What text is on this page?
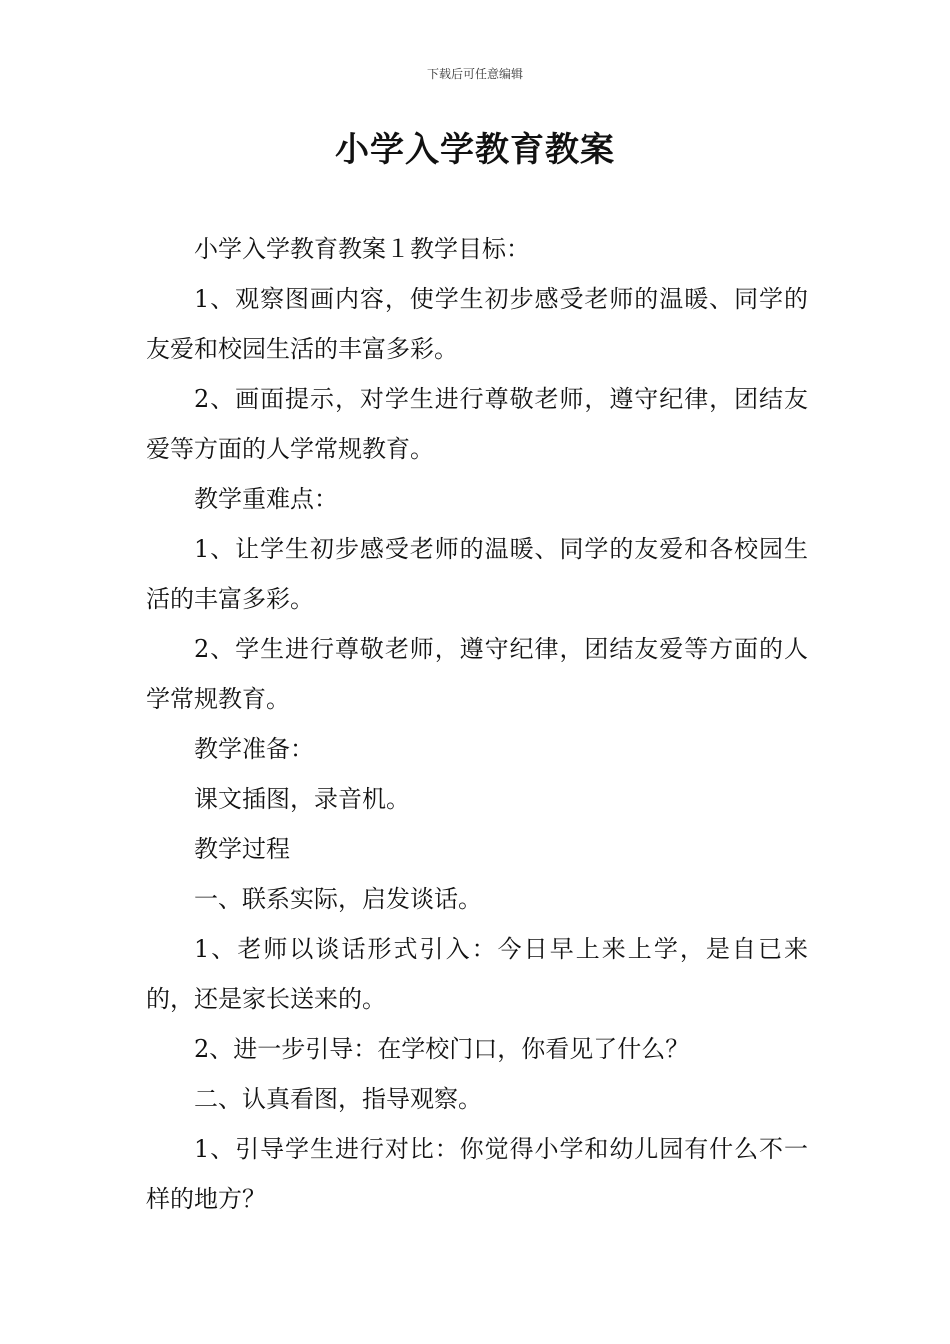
下载后可任意编辑
小学入学教育教案

小学入学教育教案１教学目标：

1、观察图画内容，使学生初步感受老师的温暖、同学的友爱和校园生活的丰富多彩。

2、画面提示，对学生进行尊敬老师，遵守纪律，团结友爱等方面的人学常规教育。

教学重难点：

1、让学生初步感受老师的温暖、同学的友爱和各校园生活的丰富多彩。

2、学生进行尊敬老师，遵守纪律，团结友爱等方面的人学常规教育。

教学准备：

课文插图，录音机。

教学过程

一、联系实际，启发谈话。

1、老师以谈话形式引入：今日早上来上学，是自已来的，还是家长送来的。

2、进一步引导：在学校门口，你看见了什么？

二、认真看图，指导观察。

1、引导学生进行对比：你觉得小学和幼儿园有什么不一样的地方？
